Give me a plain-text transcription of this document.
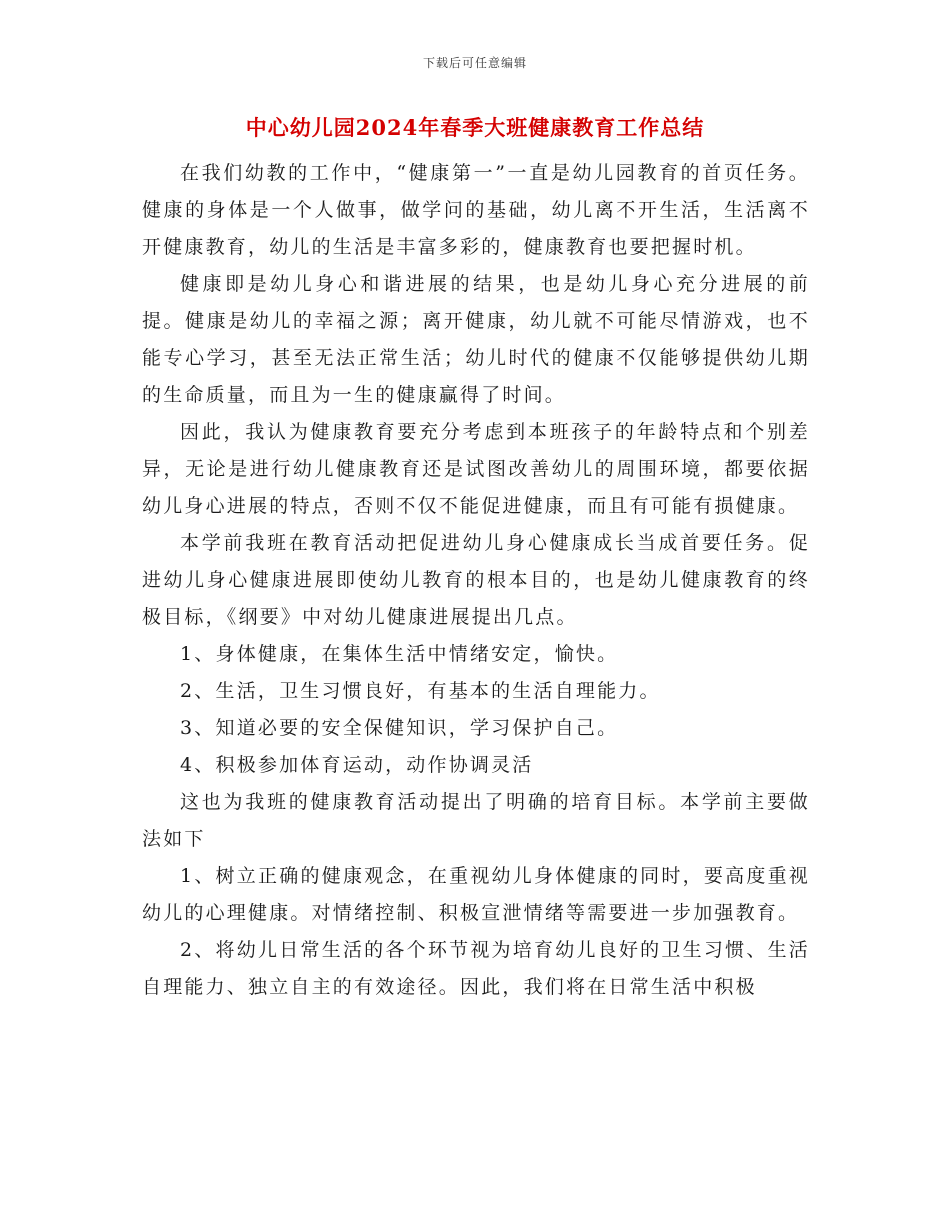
下载后可任意编辑
中心幼儿园2024年春季大班健康教育工作总结

在我们幼教的工作中，“健康第一”一直是幼儿园教育的首页任务。健康的身体是一个人做事，做学问的基础，幼儿离不开生活，生活离不开健康教育，幼儿的生活是丰富多彩的，健康教育也要把握时机。

健康即是幼儿身心和谐进展的结果，也是幼儿身心充分进展的前提。健康是幼儿的幸福之源；离开健康，幼儿就不可能尽情游戏，也不能专心学习，甚至无法正常生活；幼儿时代的健康不仅能够提供幼儿期的生命质量，而且为一生的健康赢得了时间。

因此，我认为健康教育要充分考虑到本班孩子的年龄特点和个别差异，无论是进行幼儿健康教育还是试图改善幼儿的周围环境，都要依据幼儿身心进展的特点，否则不仅不能促进健康，而且有可能有损健康。

本学前我班在教育活动把促进幼儿身心健康成长当成首要任务。促进幼儿身心健康进展即使幼儿教育的根本目的，也是幼儿健康教育的终极目标，《纲要》中对幼儿健康进展提出几点。

1、身体健康，在集体生活中情绪安定，愉快。

2、生活，卫生习惯良好，有基本的生活自理能力。

3、知道必要的安全保健知识，学习保护自己。

4、积极参加体育运动，动作协调灵活

这也为我班的健康教育活动提出了明确的培育目标。本学前主要做法如下

1、树立正确的健康观念，在重视幼儿身体健康的同时，要高度重视幼儿的心理健康。对情绪控制、积极宣泄情绪等需要进一步加强教育。

2、将幼儿日常生活的各个环节视为培育幼儿良好的卫生习惯、生活自理能力、独立自主的有效途径。因此，我们将在日常生活中积极
